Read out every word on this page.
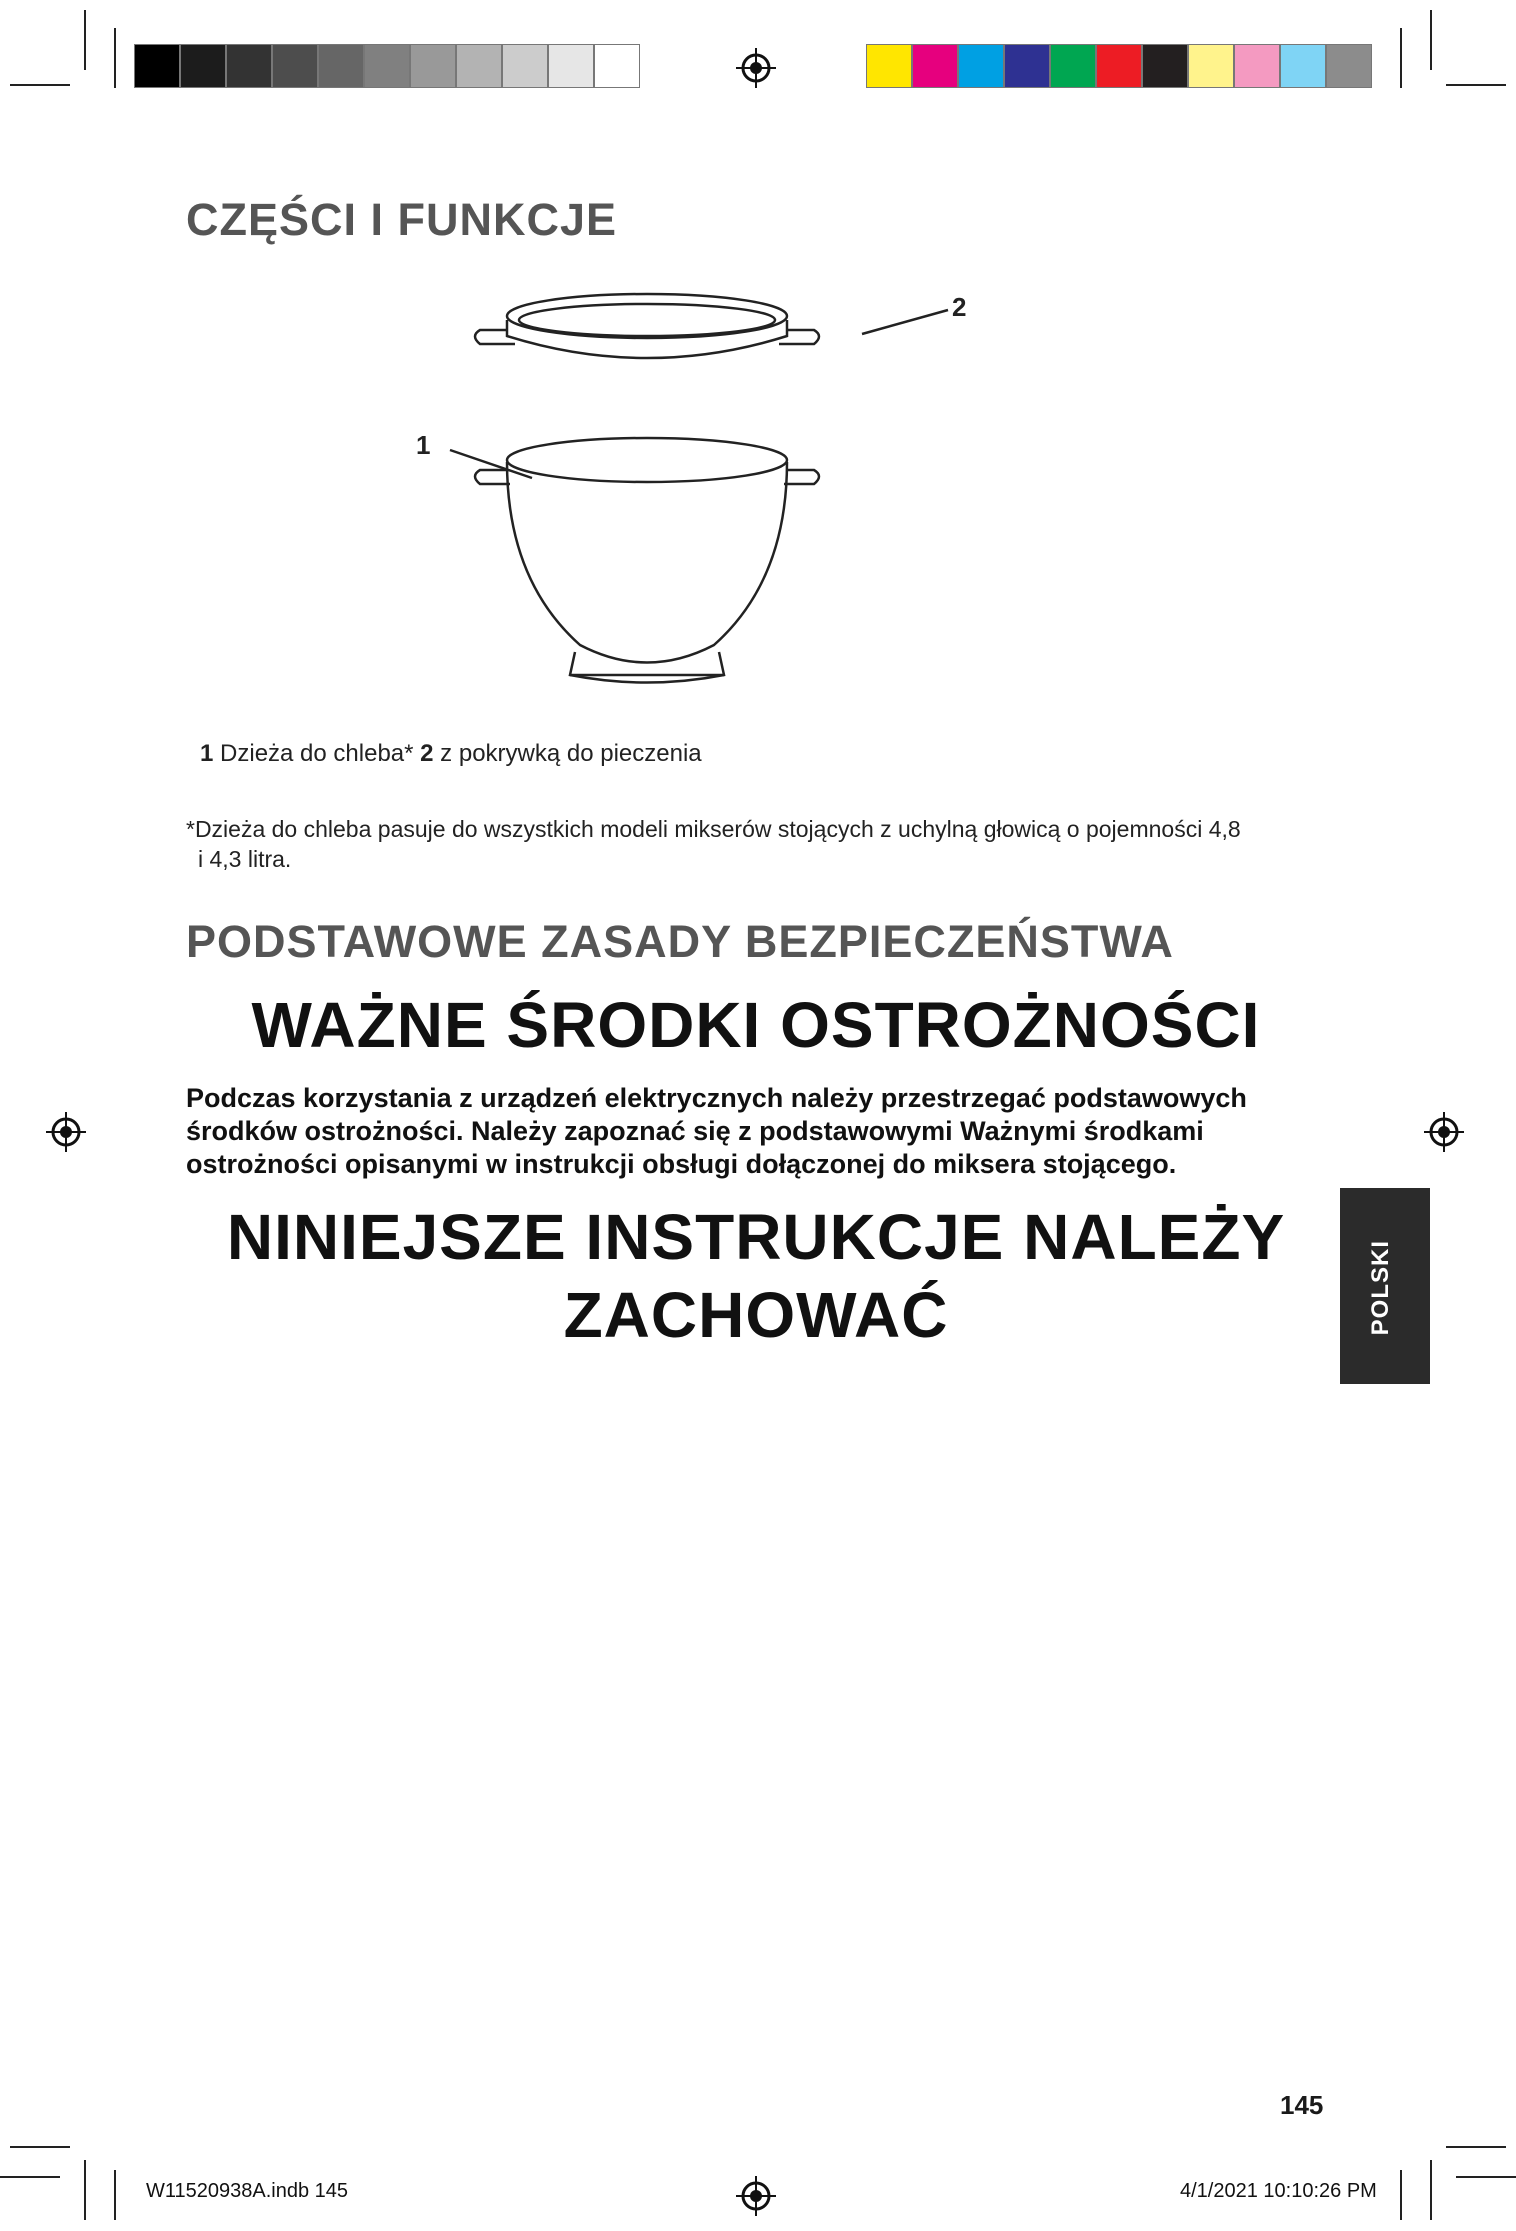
CZĘŚCI I FUNKCJE
2
1
1 Dzieża do chleba* 2 z pokrywką do pieczenia
*Dzieża do chleba pasuje do wszystkich modeli mikserów stojących z uchylną głowicą o pojemności 4,8
i 4,3 litra.
PODSTAWOWE ZASADY BEZPIECZEŃSTWA
WAŻNE ŚRODKI OSTROŻNOŚCI
Podczas korzystania z urządzeń elektrycznych należy przestrzegać podstawowych
środków ostrożności. Należy zapoznać się z podstawowymi Ważnymi środkami
ostrożności opisanymi w instrukcji obsługi dołączonej do miksera stojącego.
NINIEJSZE INSTRUKCJE NALEŻY
ZACHOWAĆ	POLSKI
145
W11520938A.indb 145	4/1/2021 10:10:26 PM
